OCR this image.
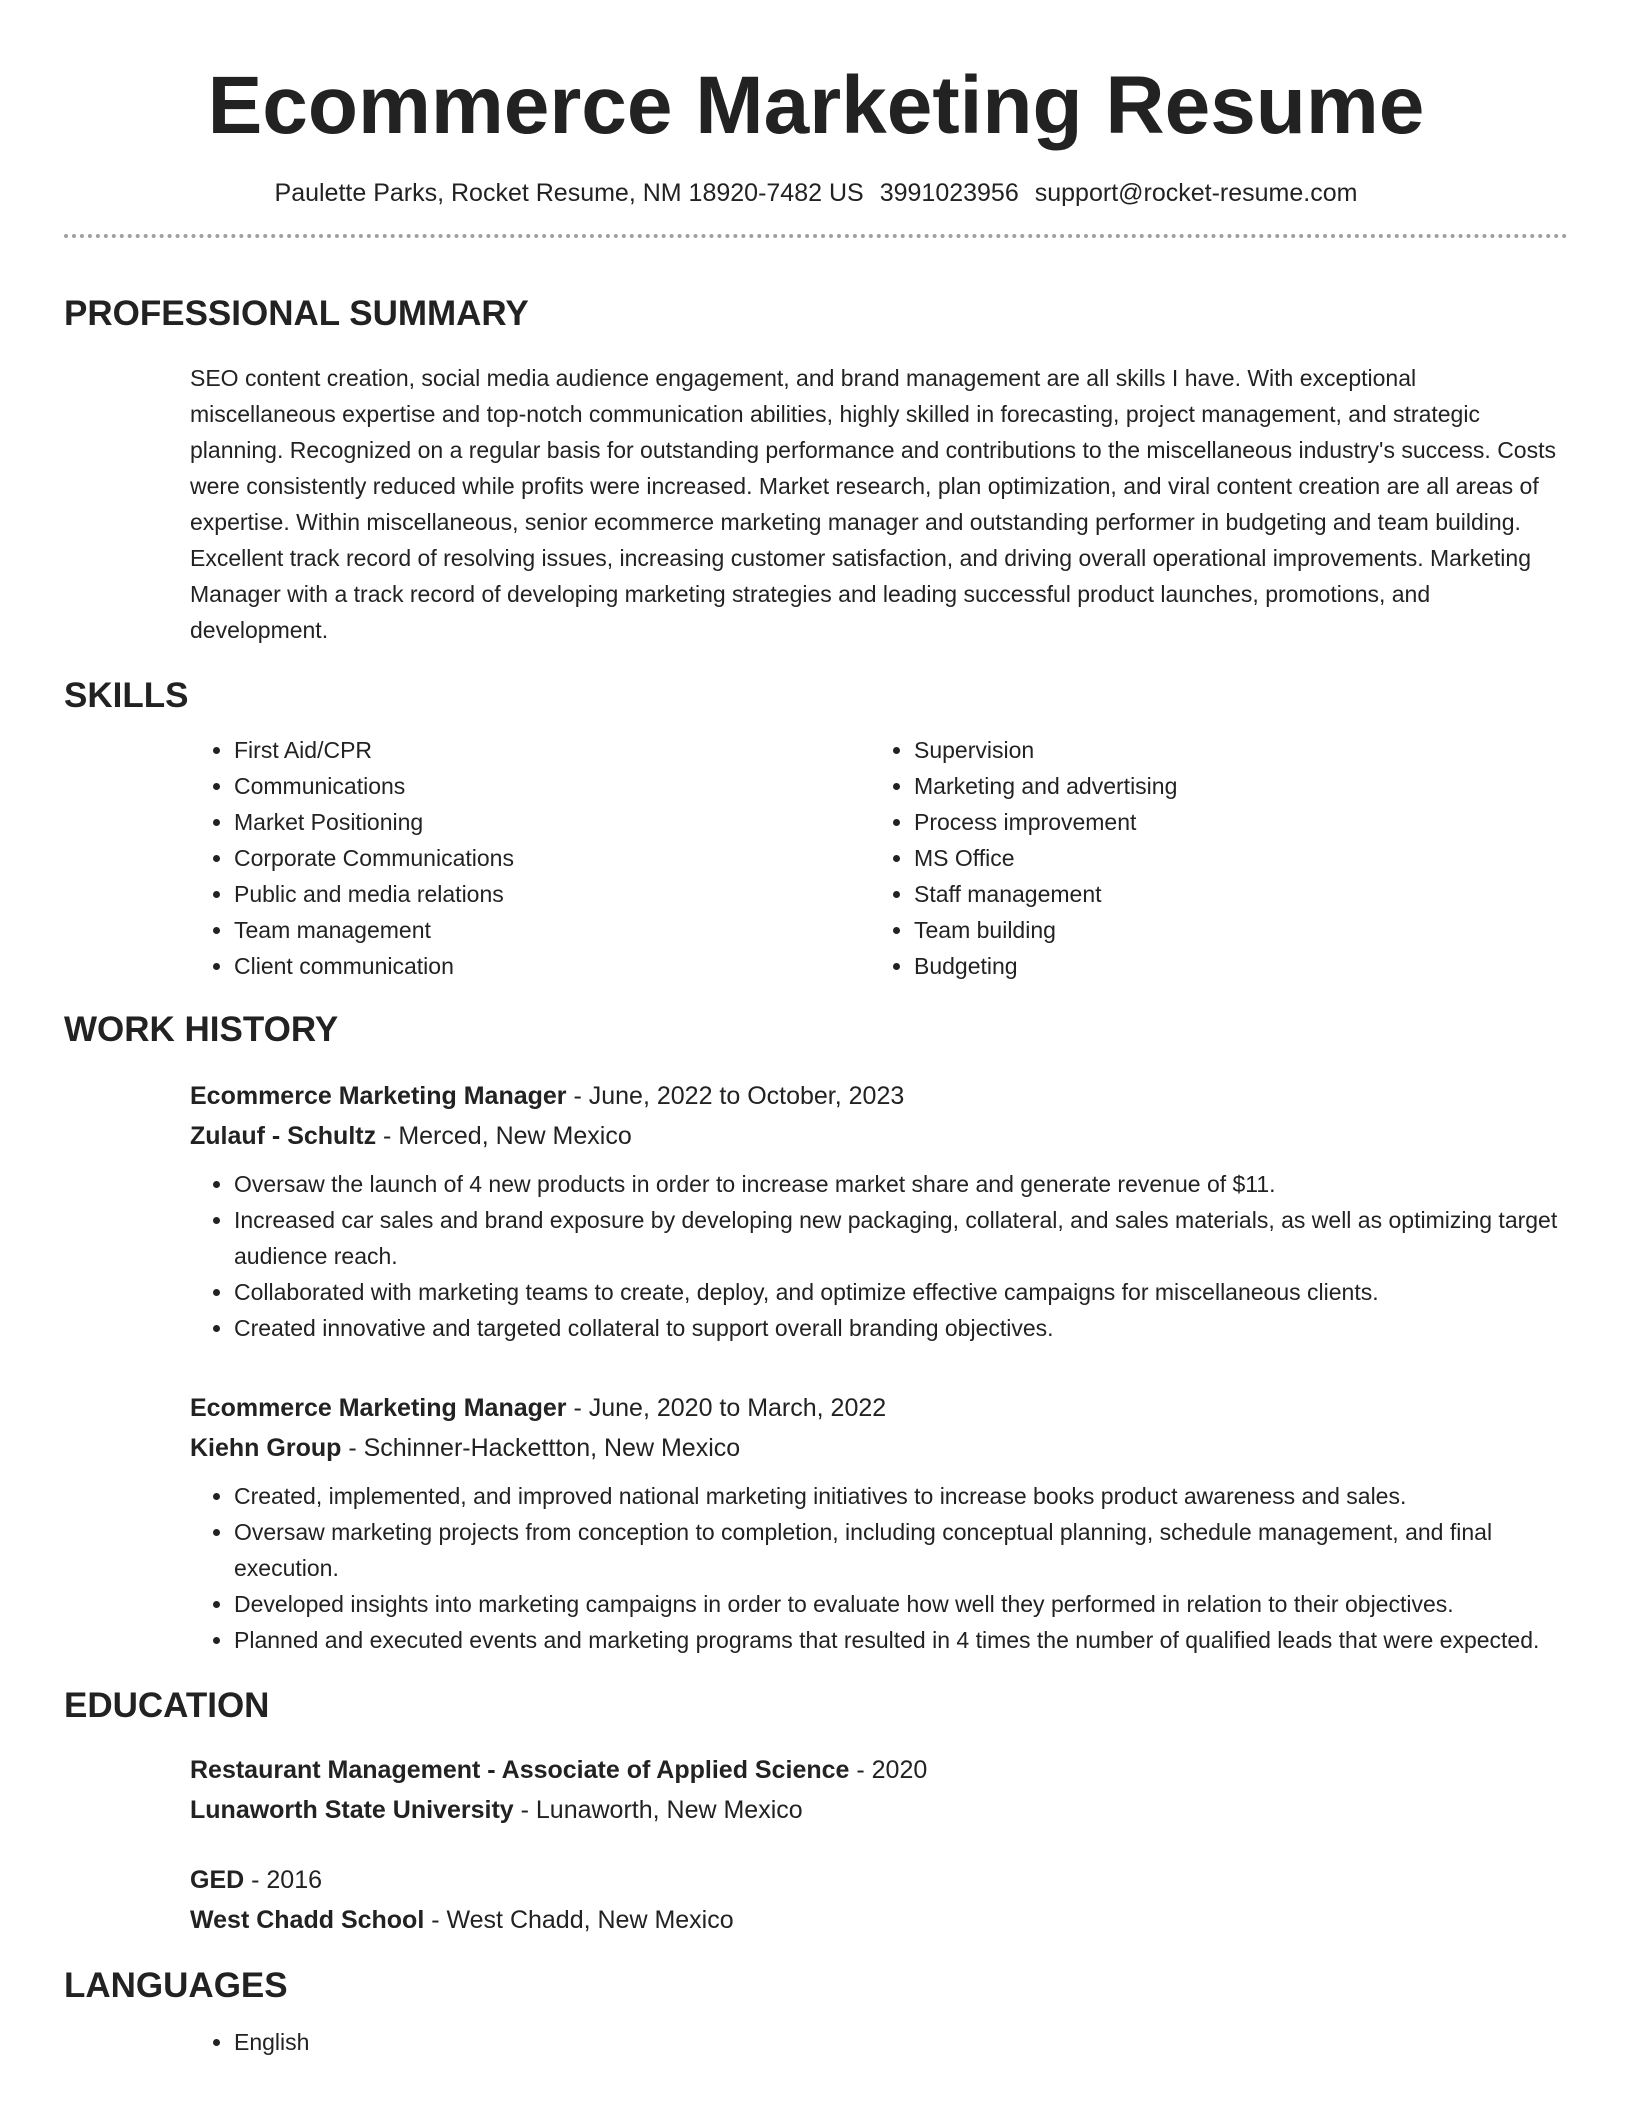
Ecommerce Marketing Resume
Paulette Parks, Rocket Resume, NM 18920-7482 US 3991023956 support@rocket-resume.com
PROFESSIONAL SUMMARY

SEO content creation, social media audience engagement, and brand management are all skills I have. With exceptional miscellaneous expertise and top-notch communication abilities, highly skilled in forecasting, project management, and strategic planning. Recognized on a regular basis for outstanding performance and contributions to the miscellaneous industry's success. Costs were consistently reduced while profits were increased. Market research, plan optimization, and viral content creation are all areas of expertise. Within miscellaneous, senior ecommerce marketing manager and outstanding performer in budgeting and team building. Excellent track record of resolving issues, increasing customer satisfaction, and driving overall operational improvements. Marketing Manager with a track record of developing marketing strategies and leading successful product launches, promotions, and development.

SKILLS
• First Aid/CPR
• Communications
• Market Positioning
• Corporate Communications
• Public and media relations
• Team management
• Client communication
• Supervision
• Marketing and advertising
• Process improvement
• MS Office
• Staff management
• Team building
• Budgeting
WORK HISTORY
Ecommerce Marketing Manager - June, 2022 to October, 2023
Zulauf - Schultz - Merced, New Mexico
• Oversaw the launch of 4 new products in order to increase market share and generate revenue of $11.
• Increased car sales and brand exposure by developing new packaging, collateral, and sales materials, as well as optimizing target audience reach.
• Collaborated with marketing teams to create, deploy, and optimize effective campaigns for miscellaneous clients.
• Created innovative and targeted collateral to support overall branding objectives.
Ecommerce Marketing Manager - June, 2020 to March, 2022
Kiehn Group - Schinner-Hackettton, New Mexico
• Created, implemented, and improved national marketing initiatives to increase books product awareness and sales.
• Oversaw marketing projects from conception to completion, including conceptual planning, schedule management, and final execution.
• Developed insights into marketing campaigns in order to evaluate how well they performed in relation to their objectives.
• Planned and executed events and marketing programs that resulted in 4 times the number of qualified leads that were expected.
EDUCATION
Restaurant Management - Associate of Applied Science - 2020
Lunaworth State University - Lunaworth, New Mexico
GED - 2016
West Chadd School - West Chadd, New Mexico
LANGUAGES
• English
